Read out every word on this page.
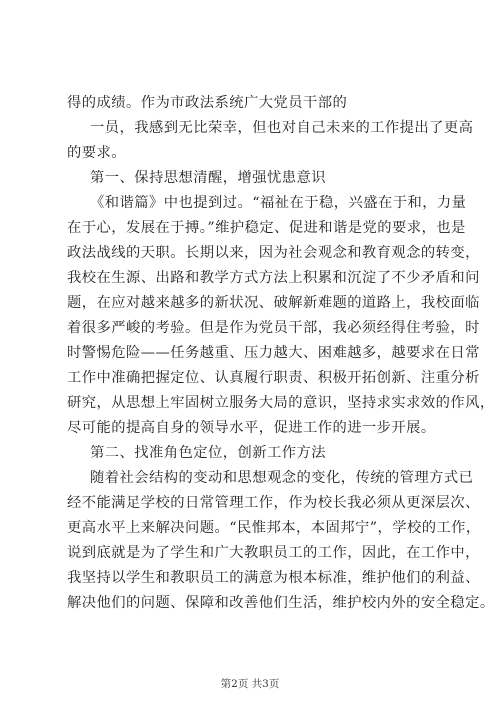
得的成绩。作为市政法系统广大党员干部的
一员，我感到无比荣幸，但也对自己未来的工作提出了更高
的要求。
第一、保持思想清醒，增强忧患意识
《和谐篇》中也提到过。“福祉在于稳，兴盛在于和，力量
在于心，发展在于搏。”维护稳定、促进和谐是党的要求，也是
政法战线的天职。长期以来，因为社会观念和教育观念的转变，
我校在生源、出路和教学方式方法上积累和沉淀了不少矛盾和问
题，在应对越来越多的新状况、破解新难题的道路上，我校面临
着很多严峻的考验。但是作为党员干部，我必须经得住考验，时
时警惕危险——任务越重、压力越大、困难越多，越要求在日常
工作中准确把握定位、认真履行职责、积极开拓创新、注重分析
研究，从思想上牢固树立服务大局的意识，坚持求实求效的作风，
尽可能的提高自身的领导水平，促进工作的进一步开展。
第二、找准角色定位，创新工作方法
随着社会结构的变动和思想观念的变化，传统的管理方式已
经不能满足学校的日常管理工作，作为校长我必须从更深层次、
更高水平上来解决问题。“民惟邦本，本固邦宁”，学校的工作，
说到底就是为了学生和广大教职员工的工作，因此，在工作中，
我坚持以学生和教职员工的满意为根本标准，维护他们的利益、
解决他们的问题、保障和改善他们生活，维护校内外的安全稳定。
第2页 共3页
